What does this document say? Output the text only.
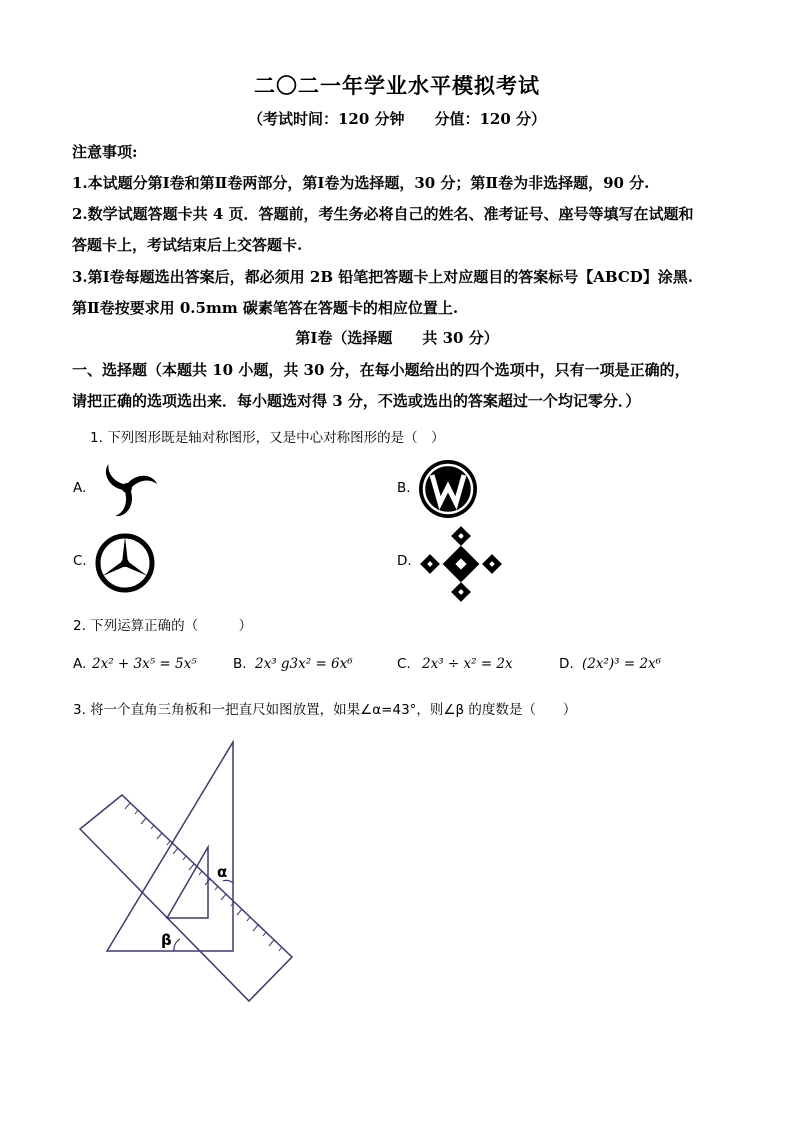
二〇二一年学业水平模拟考试
（考试时间：120 分钟　　分值：120 分）
注意事项:
1.本试题分第Ⅰ卷和第Ⅱ卷两部分，第Ⅰ卷为选择题，30 分；第Ⅱ卷为非选择题，90 分.
2.数学试题答题卡共 4 页．答题前，考生务必将自己的姓名、准考证号、座号等填写在试题和
答题卡上，考试结束后上交答题卡.
3.第Ⅰ卷每题选出答案后，都必须用 2B 铅笔把答题卡上对应题目的答案标号【ABCD】涂黑.
第Ⅱ卷按要求用 0.5mm 碳素笔答在答题卡的相应位置上.
第Ⅰ卷（选择题　　共 30 分）
一、选择题（本题共 10 小题，共 30 分，在每小题给出的四个选项中，只有一项是正确的，
请把正确的选项选出来．每小题选对得 3 分，不选或选出的答案超过一个均记零分．）
1. 下列图形既是轴对称图形，又是中心对称图形的是（　）
A.	B.
C.	D.
2. 下列运算正确的（　　　）
A. 2x² + 3x⁵ = 5x⁵	B. 2x³ g3x² = 6x⁶	C. 2x³ ÷ x² = 2x	D. (2x²)³ = 2x⁶
3. 将一个直角三角板和一把直尺如图放置，如果∠α=43°，则∠β 的度数是（　　）
α
β
